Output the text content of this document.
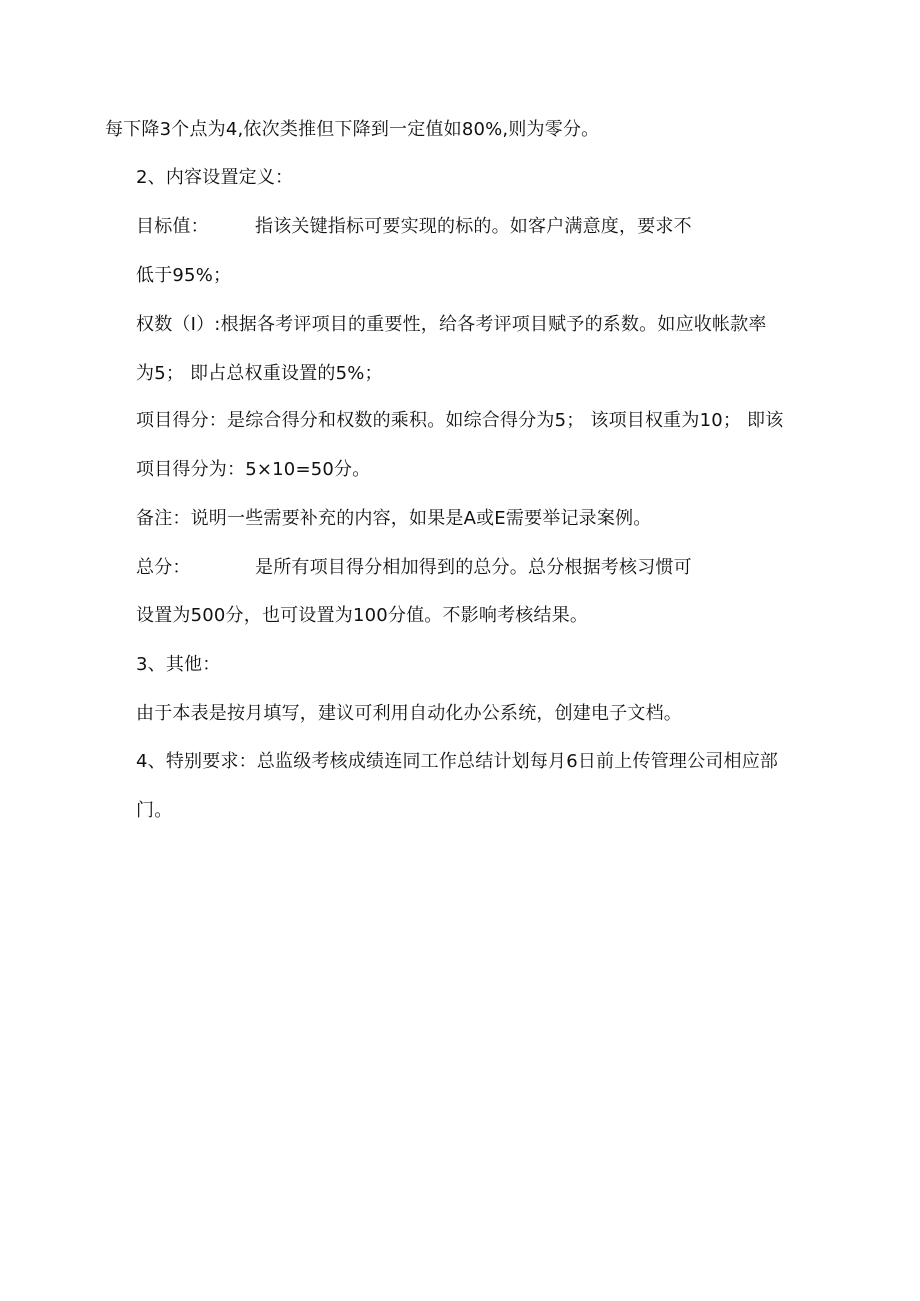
每下降3个点为4,依次类推但下降到一定值如80%,则为零分。
2、内容设置定义：
目标值：	指该关键指标可要实现的标的。如客户满意度，要求不
低于95%；
权数（I）:根据各考评项目的重要性，给各考评项目赋予的系数。如应收帐款率
为5； 即占总权重设置的5%；
项目得分：是综合得分和权数的乘积。如综合得分为5； 该项目权重为10； 即该
项目得分为：5×10=50分。
备注：说明一些需要补充的内容，如果是A或E需要举记录案例。
总分：	是所有项目得分相加得到的总分。总分根据考核习惯可
设置为500分，也可设置为100分值。不影响考核结果。
3、其他：
由于本表是按月填写，建议可利用自动化办公系统，创建电子文档。
4、特别要求：总监级考核成绩连同工作总结计划每月6日前上传管理公司相应部
门。
